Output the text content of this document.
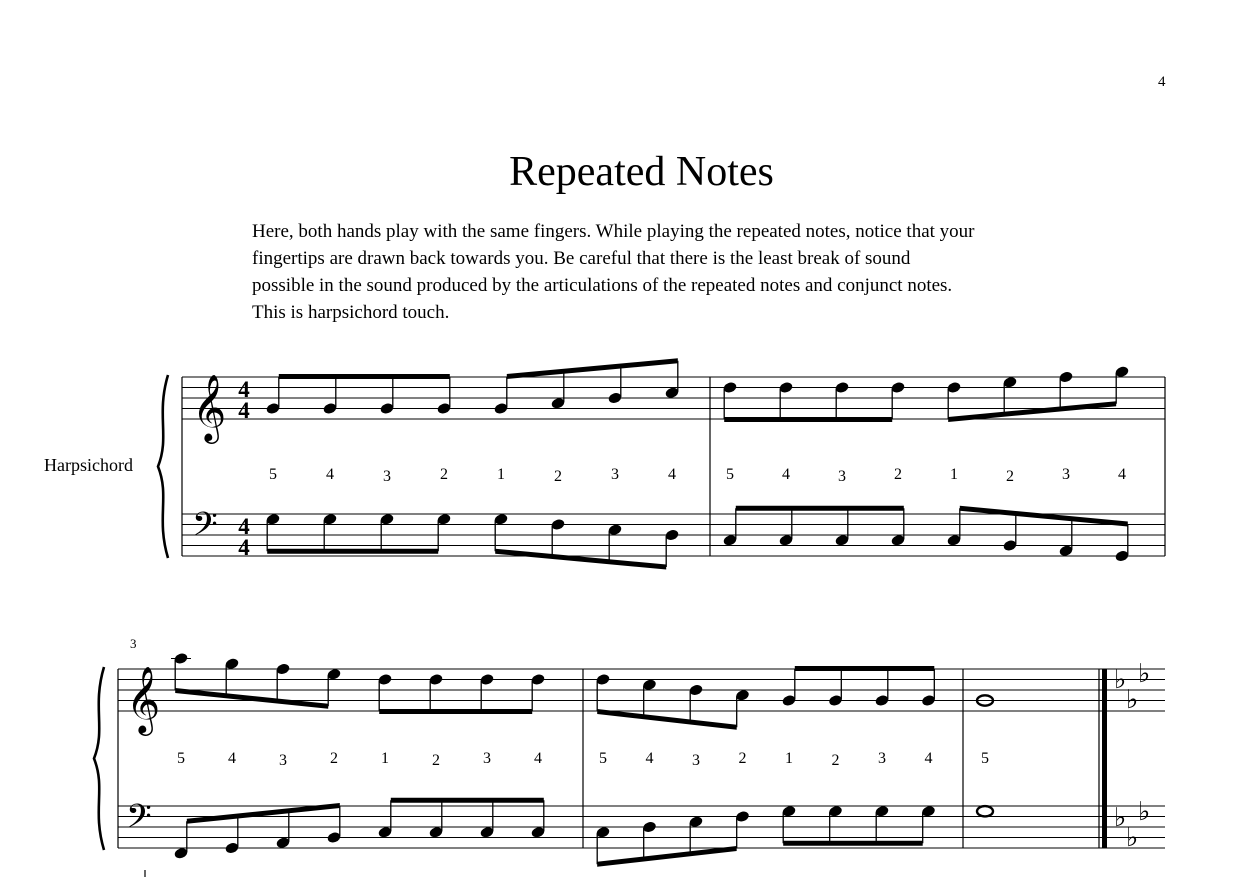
4
Repeated Notes
Here, both hands play with the same fingers. While playing the repeated notes, notice that your
fingertips are drawn back towards you. Be careful that there is the least break of sound
possible in the sound produced by the articulations of the repeated notes and conjunct notes.
This is harpsichord touch.
Harpsichord
3
𝄞
𝄢
4
4
4
4
5	4	3	2	1	2	3	4	5	4	3	2	1	2	3	4
𝄞
𝄢
5	4	3	2	1	2	3	4	5 4 3 2 1 2 3 4	5
♭
♭
♭
♭
♭
♭
